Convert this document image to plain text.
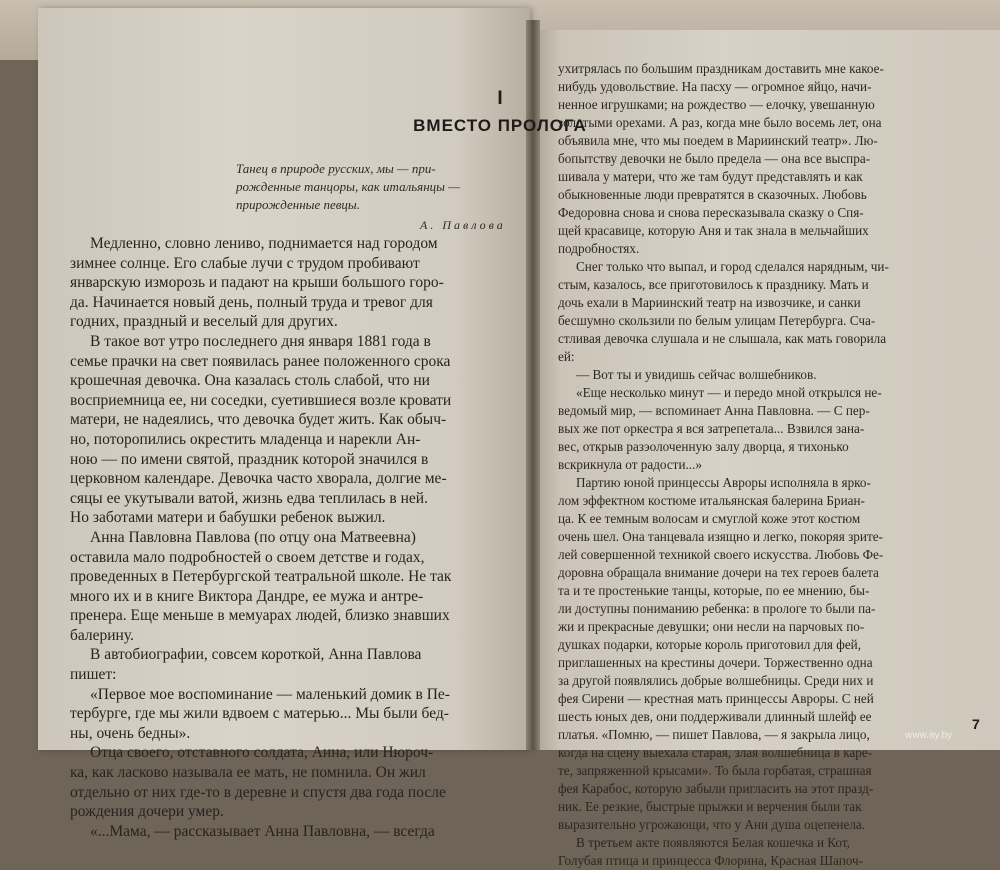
I
ВМЕСТО ПРОЛОГА
Танец в природе русских, мы — при-
рожденные танцоры, как итальянцы —
прирожденные певцы.
А. Павлова
Медленно, словно лениво, поднимается над городом
зимнее солнце. Его слабые лучи с трудом пробивают
январскую изморозь и падают на крыши большого горо-
да. Начинается новый день, полный труда и тревог для
годних, праздный и веселый для других.
В такое вот утро последнего дня января 1881 года в
семье прачки на свет появилась ранее положенного срока
крошечная девочка. Она казалась столь слабой, что ни
восприемница ее, ни соседки, суетившиеся возле кровати
матери, не надеялись, что девочка будет жить. Как обыч-
но, поторопились окрестить младенца и нарекли Ан-
ною — по имени святой, праздник которой значился в
церковном календаре. Девочка часто хворала, долгие ме-
сяцы ее укутывали ватой, жизнь едва теплилась в ней.
Но заботами матери и бабушки ребенок выжил.
Анна Павловна Павлова (по отцу она Матвеевна)
оставила мало подробностей о своем детстве и годах,
проведенных в Петербургской театральной школе. Не так
много их и в книге Виктора Дандре, ее мужа и антре-
пренера. Еще меньше в мемуарах людей, близко знавших
балерину.
В автобиографии, совсем короткой, Анна Павлова
пишет:
«Первое мое воспоминание — маленький домик в Пе-
тербурге, где мы жили вдвоем с матерью... Мы были бед-
ны, очень бедны».
Отца своего, отставного солдата, Анна, или Нюроч-
ка, как ласково называла ее мать, не помнила. Он жил
отдельно от них где-то в деревне и спустя два года после
рождения дочери умер.
«...Мама, — рассказывает Анна Павловна, — всегда
ухитрялась по большим праздникам доставить мне какое-
нибудь удовольствие. На пасху — огромное яйцо, начи-
ненное игрушками; на рождество — елочку, увешанную
золотыми орехами. А раз, когда мне было восемь лет, она
объявила мне, что мы поедем в Мариинский театр». Лю-
бопытству девочки не было предела — она все выспра-
шивала у матери, что же там будут представлять и как
обыкновенные люди превратятся в сказочных. Любовь
Федоровна снова и снова пересказывала сказку о Спя-
щей красавице, которую Аня и так знала в мельчайших
подробностях.
Снег только что выпал, и город сделался нарядным, чи-
стым, казалось, все приготовилось к празднику. Мать и
дочь ехали в Мариинский театр на извозчике, и санки
бесшумно скользили по белым улицам Петербурга. Сча-
стливая девочка слушала и не слышала, как мать говорила
ей:
— Вот ты и увидишь сейчас волшебников.
«Еще несколько минут — и передо мной открылся не-
ведомый мир, — вспоминает Анна Павловна. — С пер-
вых же пот оркестра я вся затрепетала... Взвился зана-
вес, открыв разэолоченную залу дворца, я тихонько
вскрикнула от радости...»
Партию юной принцессы Авроры исполняла в ярко-
лом эффектном костюме итальянская балерина Бриан-
ца. К ее темным волосам и смуглой коже этот костюм
очень шел. Она танцевала изящно и легко, покоряя зрите-
лей совершенной техникой своего искусства. Любовь Фе-
доровна обращала внимание дочери на тех героев балета
та и те простенькие танцы, которые, по ее мнению, бы-
ли доступны пониманию ребенка: в прологе то были па-
жи и прекрасные девушки; они несли на парчовых по-
душках подарки, которые король приготовил для фей,
приглашенных на крестины дочери. Торжественно одна
за другой появлялись добрые волшебницы. Среди них и
фея Сирени — крестная мать принцессы Авроры. С ней
шесть юных дев, они поддерживали длинный шлейф ее
платья. «Помню, — пишет Павлова, — я закрыла лицо,
когда на сцену выехала старая, злая волшебница в каре-
те, запряженной крысами». То была горбатая, страшная
фея Карабос, которую забыли пригласить на этот празд-
ник. Ее резкие, быстрые прыжки и верчения были так
выразительно угрожающи, что у Ани душа оцепенела.
В третьем акте появляются Белая кошечка и Кот,
Голубая птица и принцесса Флорина, Красная Шапоч-
7
www.ay.by
